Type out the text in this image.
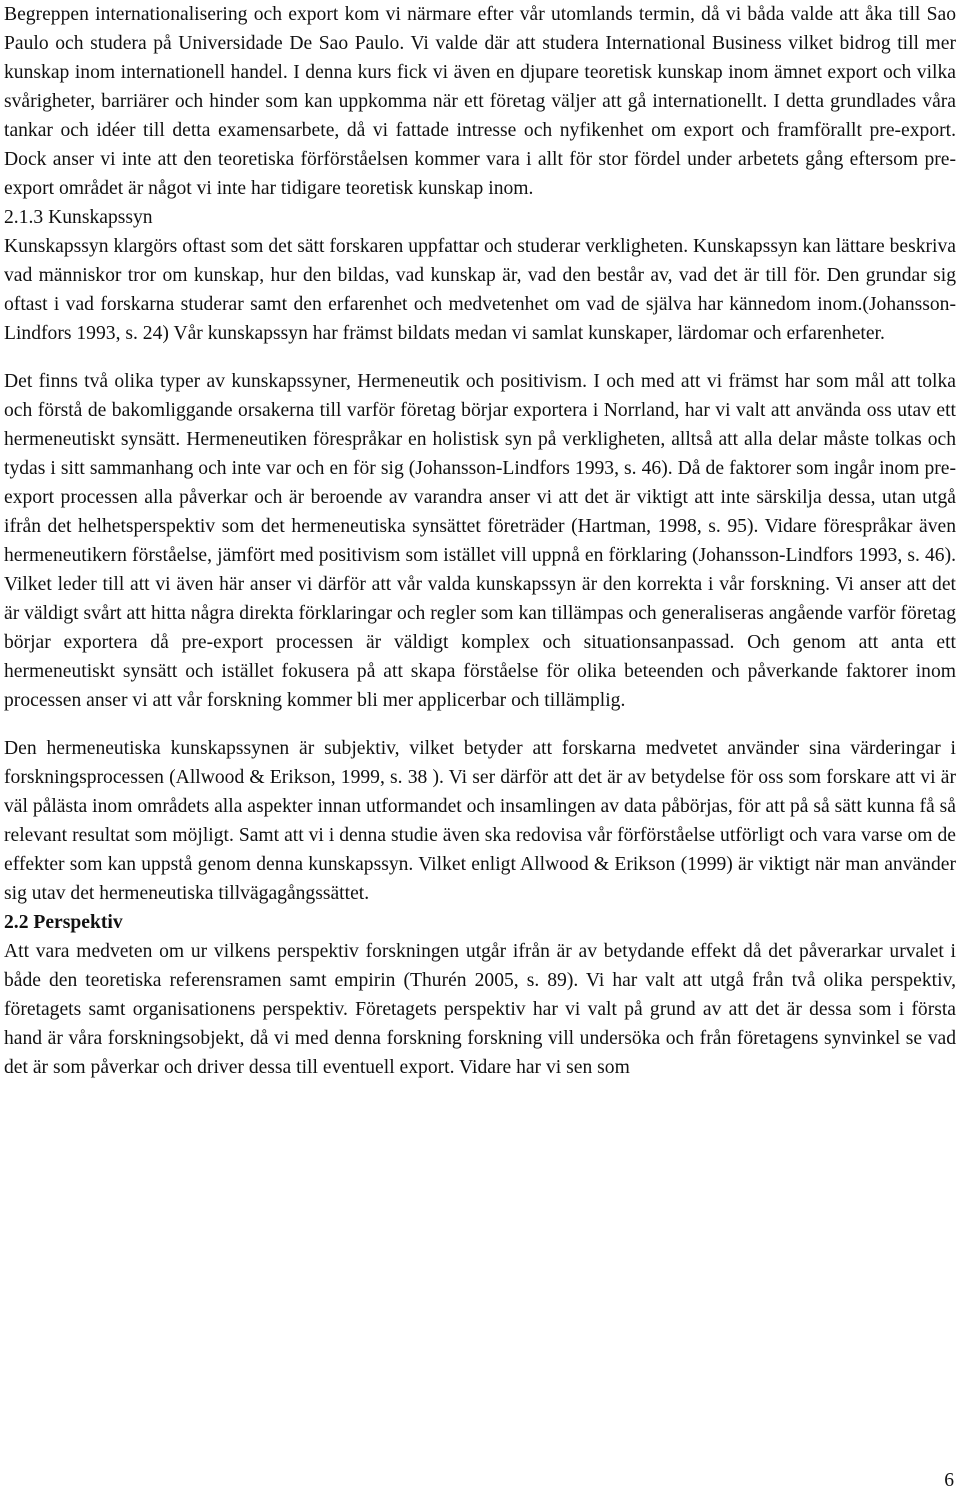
Begreppen internationalisering och export kom vi närmare efter vår utomlands termin, då vi båda valde att åka till Sao Paulo och studera på Universidade De Sao Paulo. Vi valde där att studera International Business vilket bidrog till mer kunskap inom internationell handel. I denna kurs fick vi även en djupare teoretisk kunskap inom ämnet export och vilka svårigheter, barriärer och hinder som kan uppkomma när ett företag väljer att gå internationellt. I detta grundlades våra tankar och idéer till detta examensarbete, då vi fattade intresse och nyfikenhet om export och framförallt pre-export. Dock anser vi inte att den teoretiska förförståelsen kommer vara i allt för stor fördel under arbetets gång eftersom pre-export området är något vi inte har tidigare teoretisk kunskap inom.

2.1.3 Kunskapssyn

Kunskapssyn klargörs oftast som det sätt forskaren uppfattar och studerar verkligheten. Kunskapssyn kan lättare beskriva vad människor tror om kunskap, hur den bildas, vad kunskap är, vad den består av, vad det är till för. Den grundar sig oftast i vad forskarna studerar samt den erfarenhet och medvetenhet om vad de själva har kännedom inom.(Johansson-Lindfors 1993, s. 24) Vår kunskapssyn har främst bildats medan vi samlat kunskaper, lärdomar och erfarenheter.

Det finns två olika typer av kunskapssyner, Hermeneutik och positivism. I och med att vi främst har som mål att tolka och förstå de bakomliggande orsakerna till varför företag börjar exportera i Norrland, har vi valt att använda oss utav ett hermeneutiskt synsätt. Hermeneutiken förespråkar en holistisk syn på verkligheten, alltså att alla delar måste tolkas och tydas i sitt sammanhang och inte var och en för sig (Johansson-Lindfors 1993, s. 46). Då de faktorer som ingår inom pre-export processen alla påverkar och är beroende av varandra anser vi att det är viktigt att inte särskilja dessa, utan utgå ifrån det helhetsperspektiv som det hermeneutiska synsättet företräder (Hartman, 1998, s. 95). Vidare förespråkar även hermeneutikern förståelse, jämfört med positivism som istället vill uppnå en förklaring (Johansson-Lindfors 1993, s. 46). Vilket leder till att vi även här anser vi därför att vår valda kunskapssyn är den korrekta i vår forskning. Vi anser att det är väldigt svårt att hitta några direkta förklaringar och regler som kan tillämpas och generaliseras angående varför företag börjar exportera då pre-export processen är väldigt komplex och situationsanpassad. Och genom att anta ett hermeneutiskt synsätt och istället fokusera på att skapa förståelse för olika beteenden och påverkande faktorer inom processen anser vi att vår forskning kommer bli mer applicerbar och tillämplig.

Den hermeneutiska kunskapssynen är subjektiv, vilket betyder att forskarna medvetet använder sina värderingar i forskningsprocessen (Allwood & Erikson, 1999, s. 38 ). Vi ser därför att det är av betydelse för oss som forskare att vi är väl pålästa inom områdets alla aspekter innan utformandet och insamlingen av data påbörjas, för att på så sätt kunna få så relevant resultat som möjligt. Samt att vi i denna studie även ska redovisa vår förförståelse utförligt och vara varse om de effekter som kan uppstå genom denna kunskapssyn. Vilket enligt Allwood & Erikson (1999) är viktigt när man använder sig utav det hermeneutiska tillvägagångssättet.

2.2 Perspektiv

Att vara medveten om ur vilkens perspektiv forskningen utgår ifrån är av betydande effekt då det påverarkar urvalet i både den teoretiska referensramen samt empirin (Thurén 2005, s. 89). Vi har valt att utgå från två olika perspektiv, företagets samt organisationens perspektiv. Företagets perspektiv har vi valt på grund av att det är dessa som i första hand är våra forskningsobjekt, då vi med denna forskning forskning vill undersöka och från företagens synvinkel se vad det är som påverkar och driver dessa till eventuell export. Vidare har vi sen som

6
